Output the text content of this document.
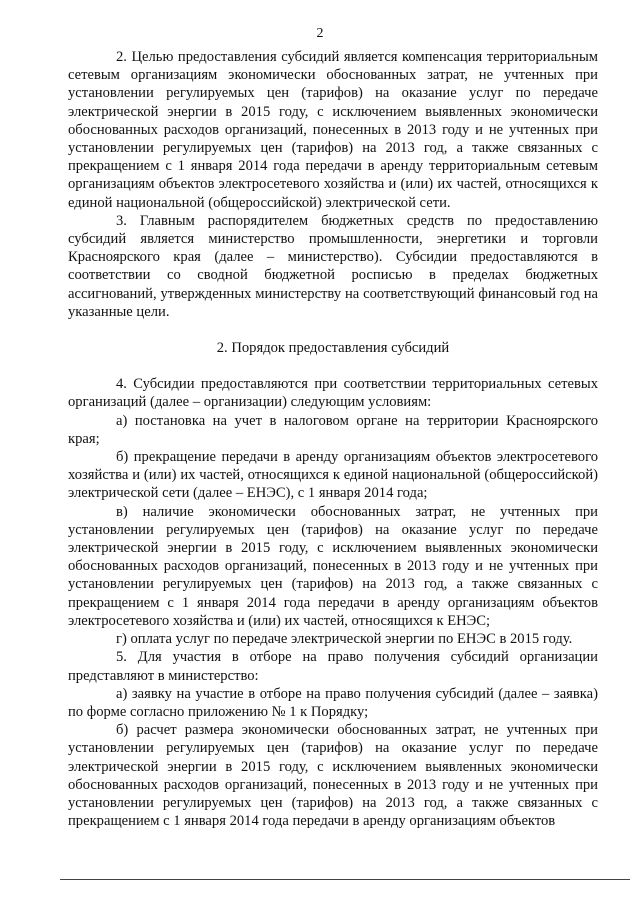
2

2. Целью предоставления субсидий является компенсация территориальным сетевым организациям экономически обоснованных затрат, не учтенных при установлении регулируемых цен (тарифов) на оказание услуг по передаче электрической энергии в 2015 году, с исключением выявленных экономически обоснованных расходов организаций, понесенных в 2013 году и не учтенных при установлении регулируемых цен (тарифов) на 2013 год, а также связанных с прекращением с 1 января 2014 года передачи в аренду территориальным сетевым организациям объектов электросетевого хозяйства и (или) их частей, относящихся к единой национальной (общероссийской) электрической сети.

3. Главным распорядителем бюджетных средств по предоставлению субсидий является министерство промышленности, энергетики и торговли Красноярского края (далее – министерство). Субсидии предоставляются в соответствии со сводной бюджетной росписью в пределах бюджетных ассигнований, утвержденных министерству на соответствующий финансовый год на указанные цели.

2. Порядок предоставления субсидий

4. Субсидии предоставляются при соответствии территориальных сетевых организаций (далее – организации) следующим условиям:

а) постановка на учет в налоговом органе на территории Красноярского края;

б) прекращение передачи в аренду организациям объектов электросетевого хозяйства и (или) их частей, относящихся к единой национальной (общероссийской) электрической сети (далее – ЕНЭС), с 1 января 2014 года;

в) наличие экономически обоснованных затрат, не учтенных при установлении регулируемых цен (тарифов) на оказание услуг по передаче электрической энергии в 2015 году, с исключением выявленных экономически обоснованных расходов организаций, понесенных в 2013 году и не учтенных при установлении регулируемых цен (тарифов) на 2013 год, а также связанных с прекращением с 1 января 2014 года передачи в аренду организациям объектов электросетевого хозяйства и (или) их частей, относящихся к ЕНЭС;

г) оплата услуг по передаче электрической энергии по ЕНЭС в 2015 году.

5. Для участия в отборе на право получения субсидий организации представляют в министерство:

а) заявку на участие в отборе на право получения субсидий (далее – заявка) по форме согласно приложению № 1 к Порядку;

б) расчет размера экономически обоснованных затрат, не учтенных при установлении регулируемых цен (тарифов) на оказание услуг по передаче электрической энергии в 2015 году, с исключением выявленных экономически обоснованных расходов организаций, понесенных в 2013 году и не учтенных при установлении регулируемых цен (тарифов) на 2013 год, а также связанных с прекращением с 1 января 2014 года передачи в аренду организациям объектов
